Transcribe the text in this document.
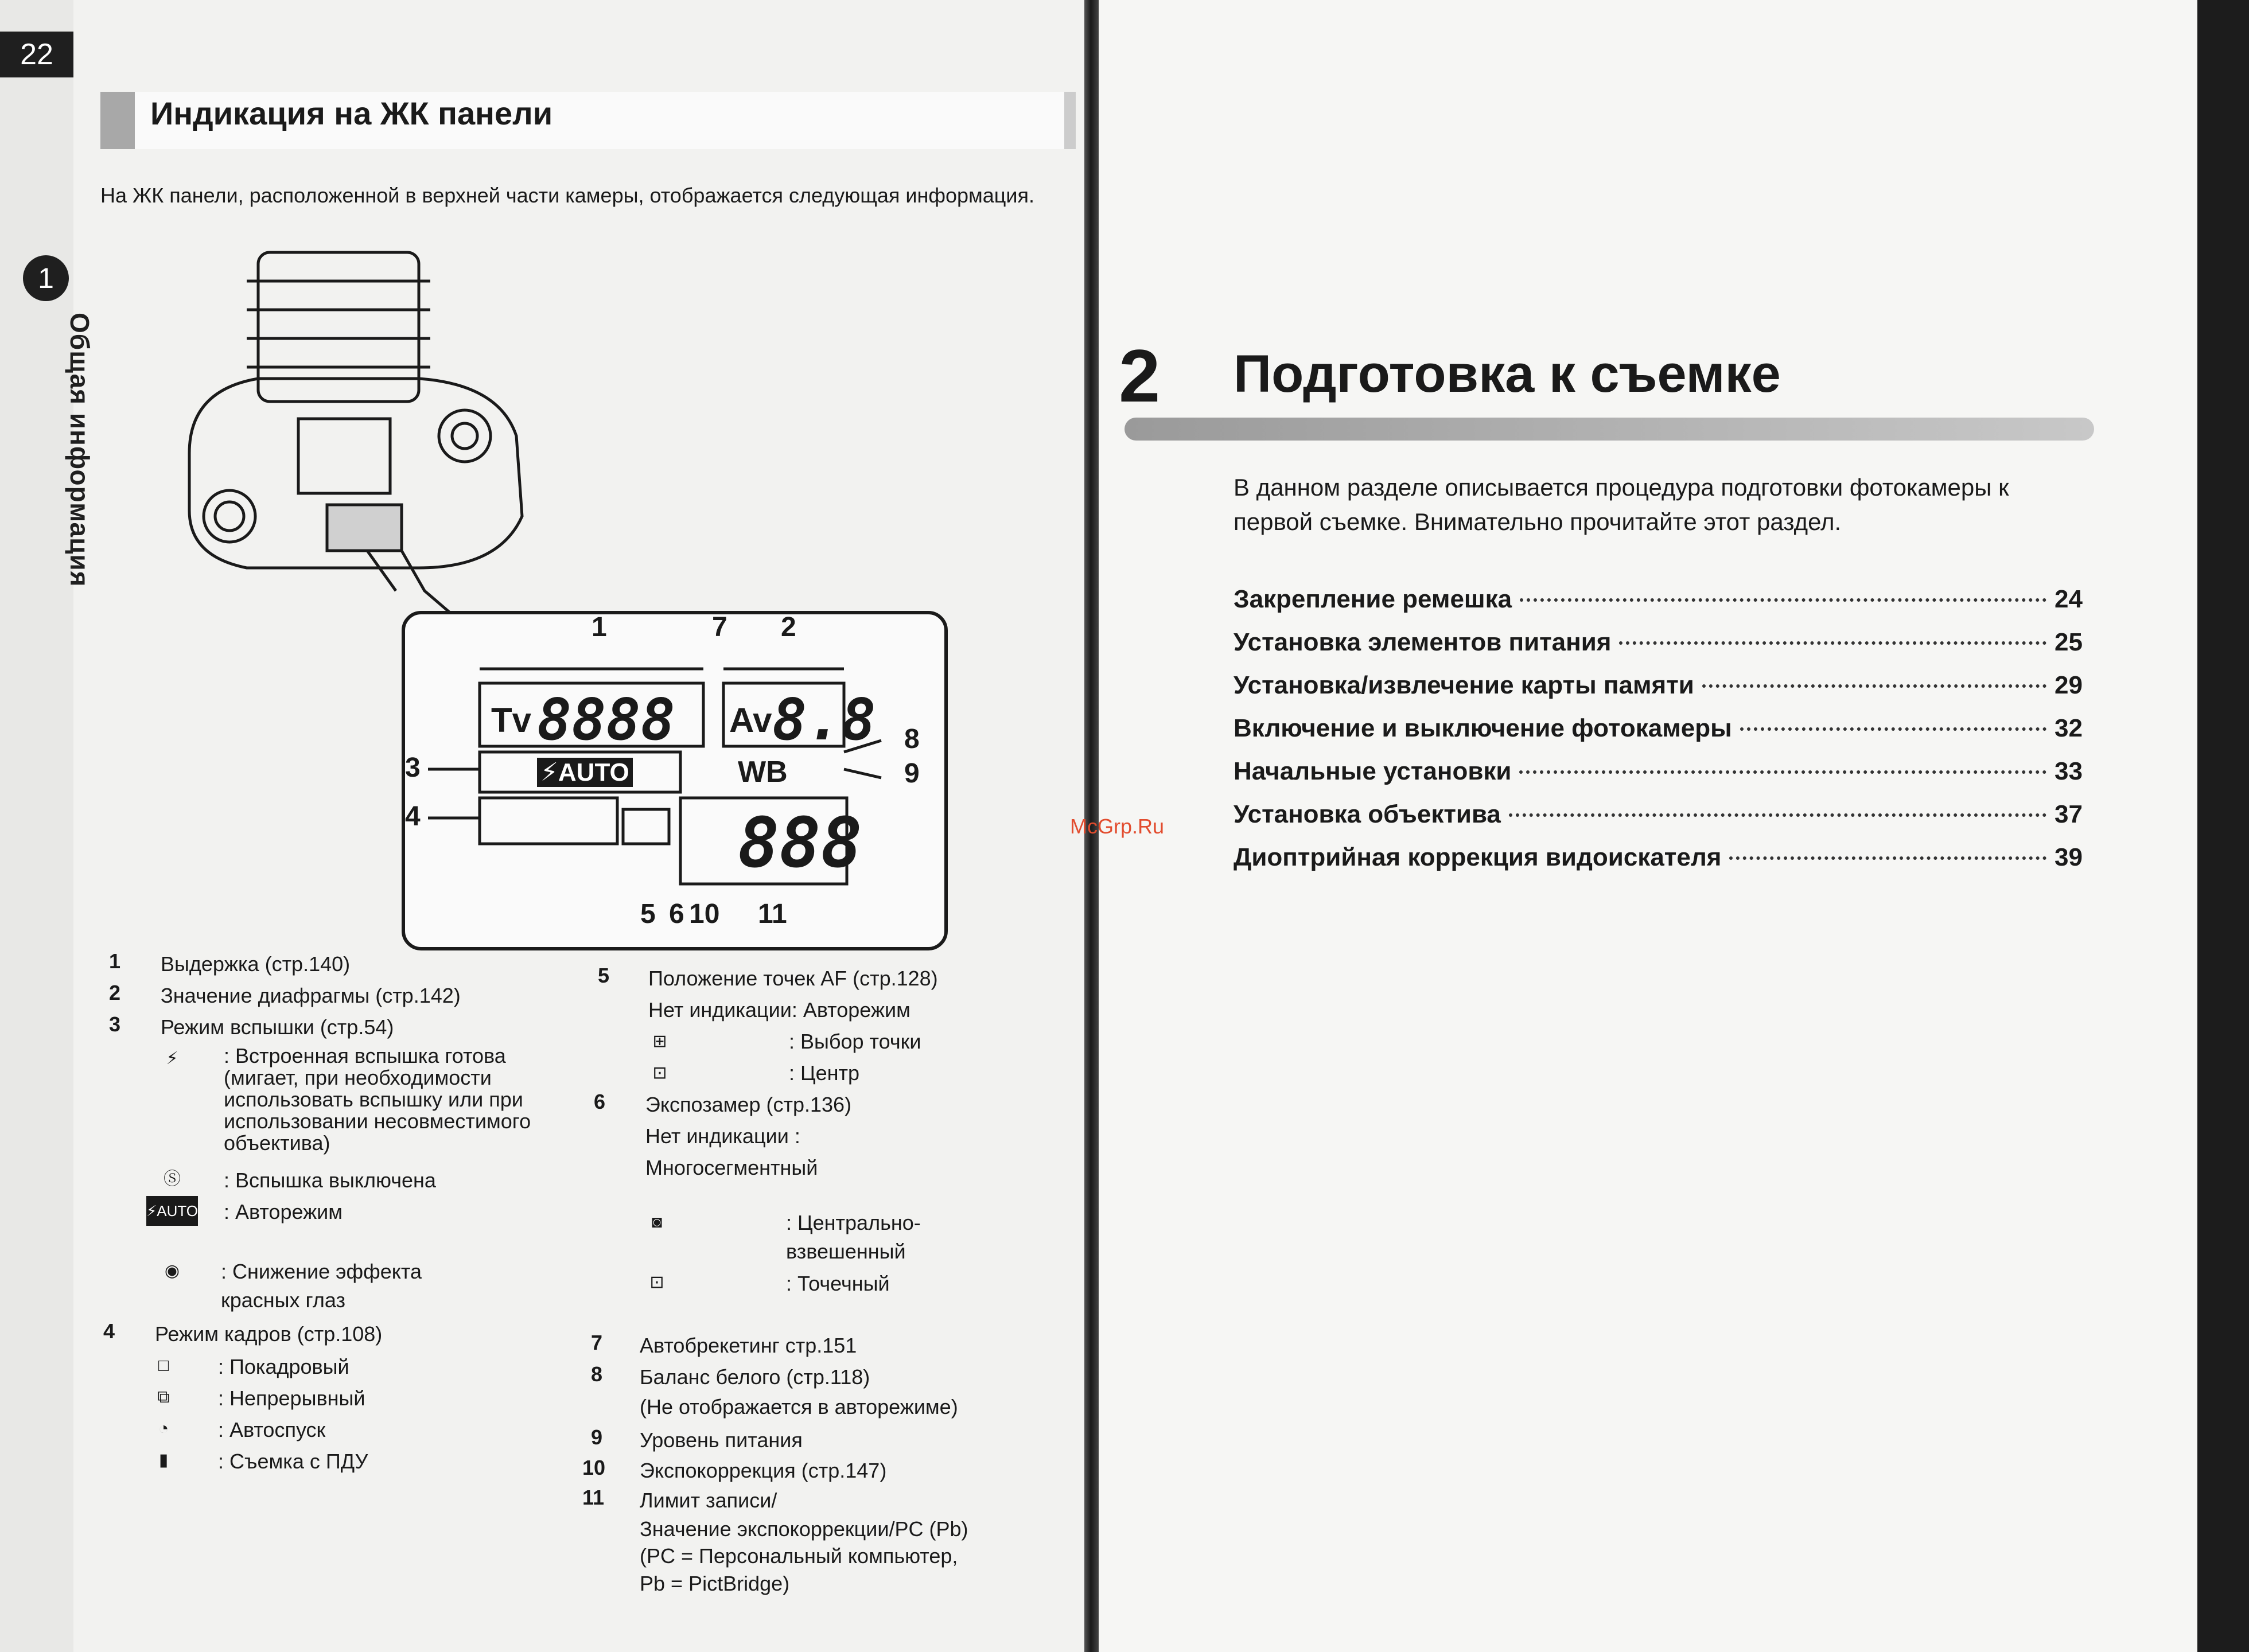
22
1
Общая информация
Индикация на ЖК панели
На ЖК панели, расположенной в верхней части камеры, отображается следующая информация.
Tv 8888 Av 8.8
⚡AUTO	WB
888
1	7 2
8
9
3
4
5 6 10 11
1	Выдержка (стр.140)
2	Значение диафрагмы (стр.142)
3	Режим вспышки (стр.54)
⚡	: Встроенная вспышка готова (мигает, при необходимости использовать вспышку или при использовании несовместимого объектива)
Ⓢ	: Вспышка выключена
⚡AUTO : Авторежим
◉	: Снижение эффекта красных глаз
4	Режим кадров (стр.108)
□	: Покадровый
⧉	: Непрерывный
◔	: Автоспуск
▮	: Съемка с ПДУ
5	Положение точек AF (стр.128)
Нет индикации: Авторежим
⊞	: Выбор точки
⊡	: Центр
6	Экспозамер (стр.136)
Нет индикации :
Многосегментный
◙	: Центрально-взвешенный
⊡	: Точечный
7	Автобрекетинг стр.151
8	Баланс белого (стр.118)
(Не отображается в авторежиме)
9	Уровень питания
10 Экспокоррекция (стр.147)
11 Лимит записи/
Значение экспокоррекции/PC (Pb)
(PC = Персональный компьютер,
Pb = PictBridge)
2 Подготовка к съемке
В данном разделе описывается процедура подготовки фотокамеры к первой съемке. Внимательно прочитайте этот раздел.
Закрепление ремешка	24
Установка элементов питания	25
Установка/извлечение карты памяти	29
Включение и выключение фотокамеры	32
Начальные установки	33
Установка объектива	37
Диоптрийная коррекция видоискателя	39
McGrp.Ru
